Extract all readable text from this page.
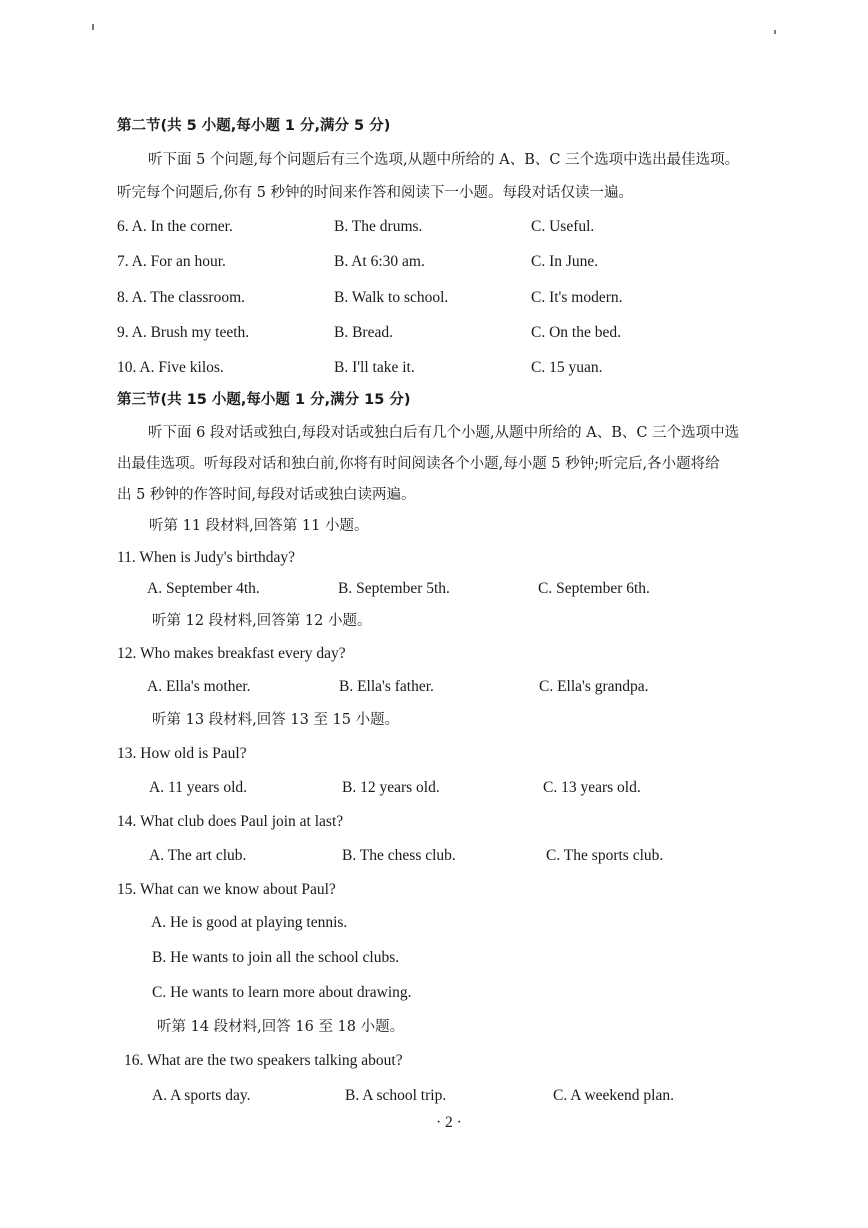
第二节(共 5 小题,每小题 1 分,满分 5 分)
听下面 5 个问题,每个问题后有三个选项,从题中所给的 A、B、C 三个选项中选出最佳选项。
听完每个问题后,你有 5 秒钟的时间来作答和阅读下一小题。每段对话仅读一遍。
6. A. In the corner.	B. The drums.	C. Useful.
7. A. For an hour.	B. At 6:30 am.	C. In June.
8. A. The classroom.	B. Walk to school.	C. It's modern.
9. A. Brush my teeth.	B. Bread.	C. On the bed.
10. A. Five kilos.	B. I'll take it.	C. 15 yuan.
第三节(共 15 小题,每小题 1 分,满分 15 分)
听下面 6 段对话或独白,每段对话或独白后有几个小题,从题中所给的 A、B、C 三个选项中选
出最佳选项。听每段对话和独白前,你将有时间阅读各个小题,每小题 5 秒钟;听完后,各小题将给
出 5 秒钟的作答时间,每段对话或独白读两遍。
听第 11 段材料,回答第 11 小题。
11. When is Judy's birthday?
A. September 4th.	B. September 5th.	C. September 6th.
听第 12 段材料,回答第 12 小题。
12. Who makes breakfast every day?
A. Ella's mother.	B. Ella's father.	C. Ella's grandpa.
听第 13 段材料,回答 13 至 15 小题。
13. How old is Paul?
A. 11 years old.	B. 12 years old.	C. 13 years old.
14. What club does Paul join at last?
A. The art club.	B. The chess club.	C. The sports club.
15. What can we know about Paul?
A. He is good at playing tennis.
B. He wants to join all the school clubs.
C. He wants to learn more about drawing.
听第 14 段材料,回答 16 至 18 小题。
16. What are the two speakers talking about?
A. A sports day.	B. A school trip.	C. A weekend plan.
· 2 ·
